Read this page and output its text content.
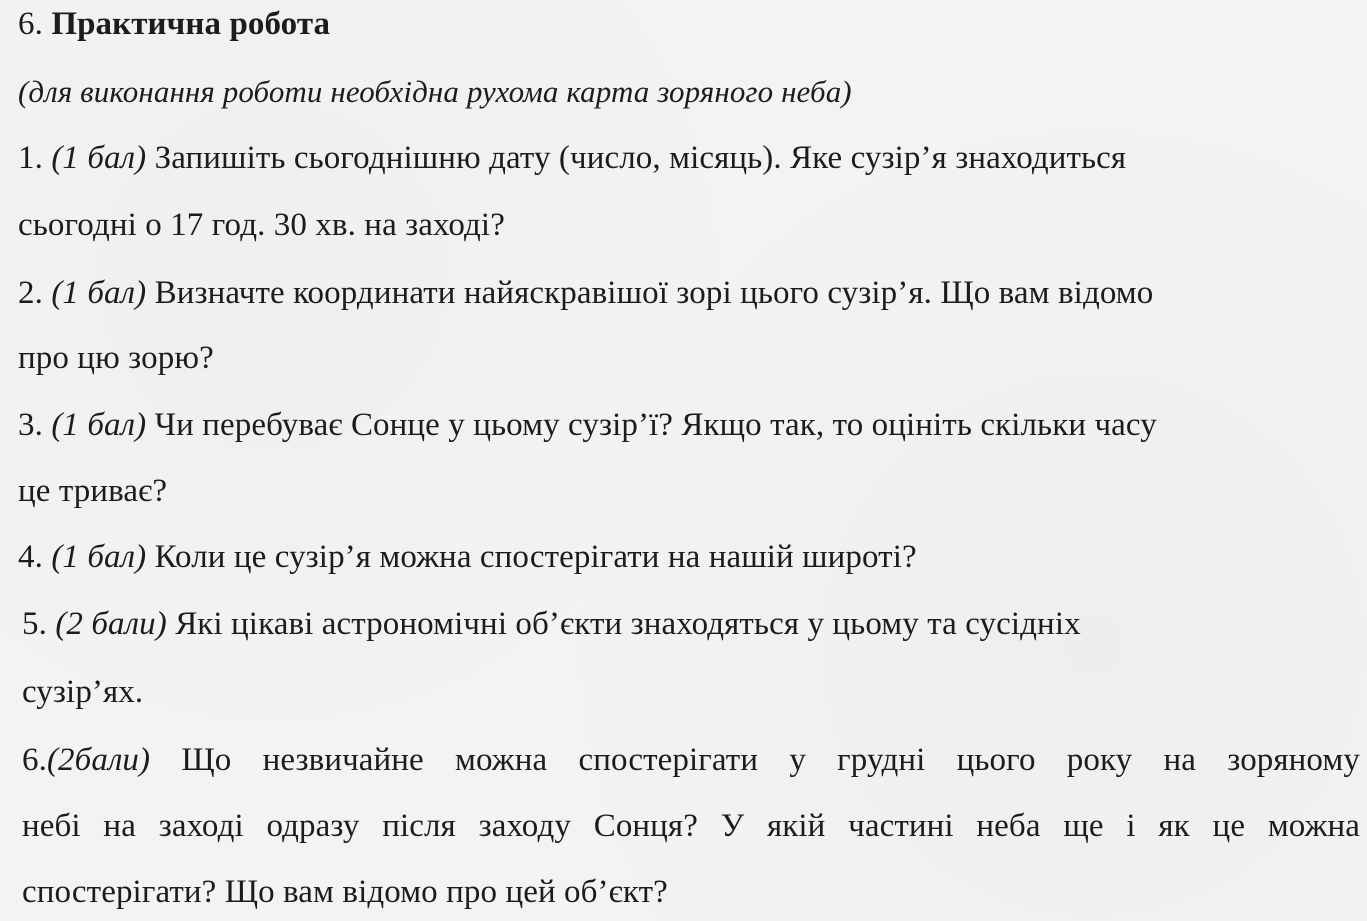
6. Практична робота
(для виконання роботи необхідна рухома карта зоряного неба)
1. (1 бал) Запишіть сьогоднішню дату (число, місяць). Яке сузір’я знаходиться
сьогодні о 17 год. 30 хв. на заході?
2. (1 бал) Визначте координати найяскравішої зорі цього сузір’я. Що вам відомо
про цю зорю?
3. (1 бал) Чи перебуває Сонце у цьому сузір’ї? Якщо так, то оцініть скільки часу
це триває?
4. (1 бал) Коли це сузір’я можна спостерігати на нашій широті?
5. (2 бали) Які цікаві астрономічні об’єкти знаходяться у цьому та сусідніх
сузір’ях.
6.(2бали) Що незвичайне можна спостерігати у грудні цього року на зоряному
небі на заході одразу після заходу Сонця? У якій частині неба ще і як це можна
спостерігати? Що вам відомо про цей об’єкт?
